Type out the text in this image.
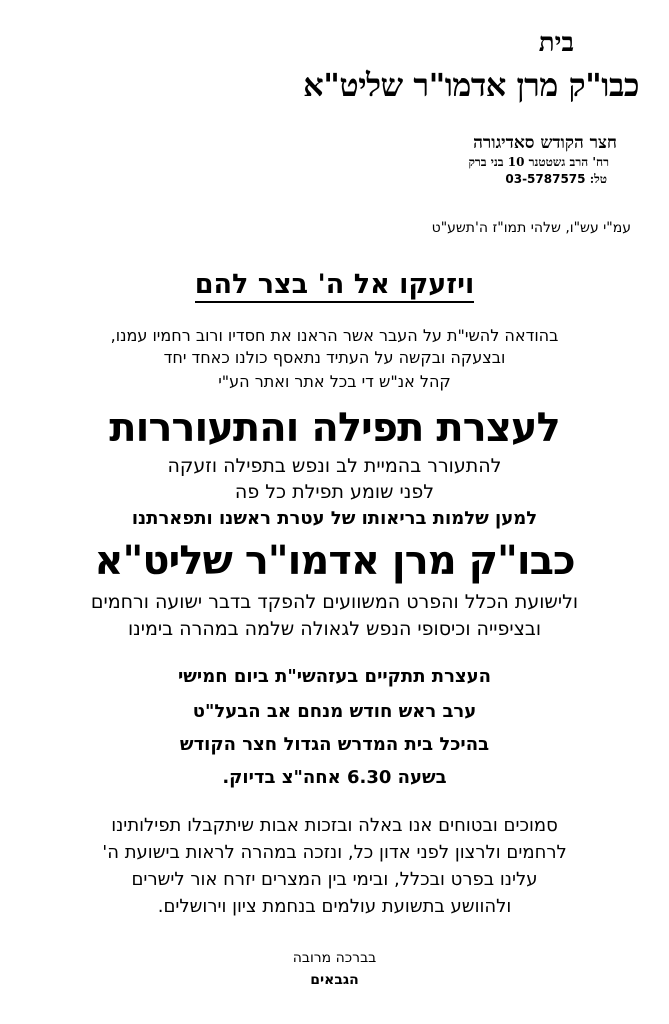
בית
כבו"ק מרן אדמו"ר שליט"א
חצר הקודש סאדיגורה
רח' הרב גשטטנר 10 בני ברק
טל: 03-5787575
עמ"י עש"ו, שלהי תמו"ז ה'תשע"ט
ויזעקו אל ה' בצר להם
בהודאה להשי"ת על העבר אשר הראנו את חסדיו ורוב רחמיו עמנו,
ובצעקה ובקשה על העתיד נתאסף כולנו כאחד יחד
קהל אנ"ש די בכל אתר ואתר הע"י
לעצרת תפילה והתעוררות
להתעורר בהמיית לב ונפש בתפילה וזעקה
לפני שומע תפילת כל פה
למען שלמות בריאותו של עטרת ראשנו ותפארתנו
כבו"ק מרן אדמו"ר שליט"א
ולישועת הכלל והפרט המשוועים להפקד בדבר ישועה ורחמים
ובציפייה וכיסופי הנפש לגאולה שלמה במהרה בימינו
העצרת תתקיים בעזהשי"ת ביום חמישי
ערב ראש חודש מנחם אב הבעל"ט
בהיכל בית המדרש הגדול חצר הקודש
בשעה 6.30 אחה"צ בדיוק.
סמוכים ובטוחים אנו באלה ובזכות אבות שיתקבלו תפילותינו
לרחמים ולרצון לפני אדון כל, ונזכה במהרה לראות בישועת ה'
עלינו בפרט ובכלל, ובימי בין המצרים יזרח אור לישרים
ולהוושע בתשועת עולמים בנחמת ציון וירושלים.
בברכה מרובה
הגבאים
